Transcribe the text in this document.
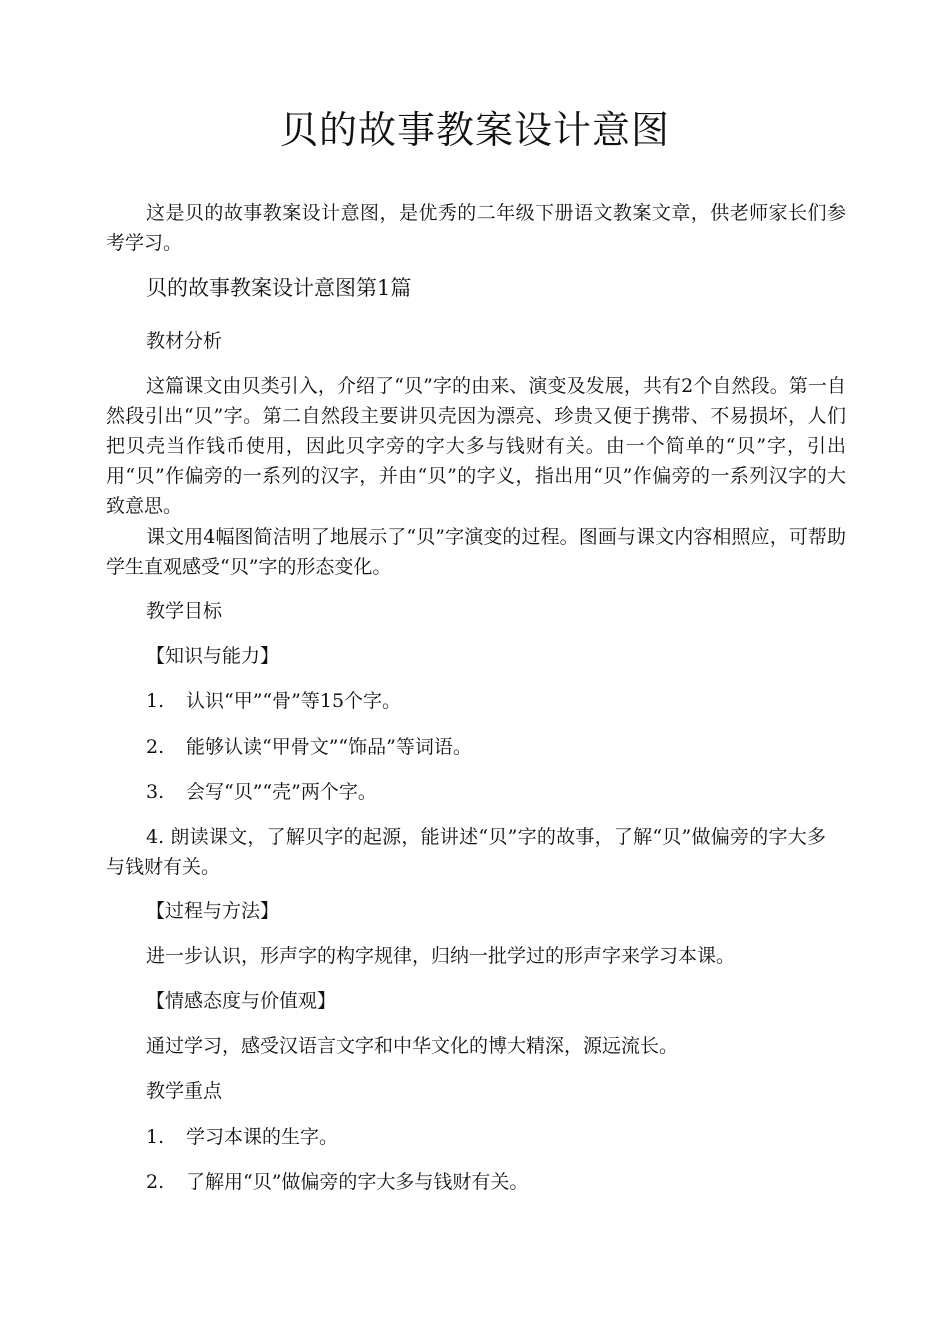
贝的故事教案设计意图

这是贝的故事教案设计意图，是优秀的二年级下册语文教案文章，供老师家长们参考学习。

贝的故事教案设计意图第1篇

教材分析

这篇课文由贝类引入，介绍了“贝”字的由来、演变及发展，共有2个自然段。第一自然段引出“贝”字。第二自然段主要讲贝壳因为漂亮、珍贵又便于携带、不易损坏，人们把贝壳当作钱币使用，因此贝字旁的字大多与钱财有关。由一个简单的“贝”字，引出用“贝”作偏旁的一系列的汉字，并由“贝”的字义，指出用“贝”作偏旁的一系列汉字的大致意思。

课文用4幅图简洁明了地展示了“贝”字演变的过程。图画与课文内容相照应，可帮助学生直观感受“贝”字的形态变化。

教学目标

【知识与能力】

1. 认识“甲”“骨”等15个字。

2. 能够认读“甲骨文”“饰品”等词语。

3. 会写“贝”“壳”两个字。

4. 朗读课文，了解贝字的起源，能讲述“贝”字的故事，了解“贝”做偏旁的字大多与钱财有关。

【过程与方法】

进一步认识，形声字的构字规律，归纳一批学过的形声字来学习本课。

【情感态度与价值观】

通过学习，感受汉语言文字和中华文化的博大精深，源远流长。

教学重点

1. 学习本课的生字。

2. 了解用“贝”做偏旁的字大多与钱财有关。
